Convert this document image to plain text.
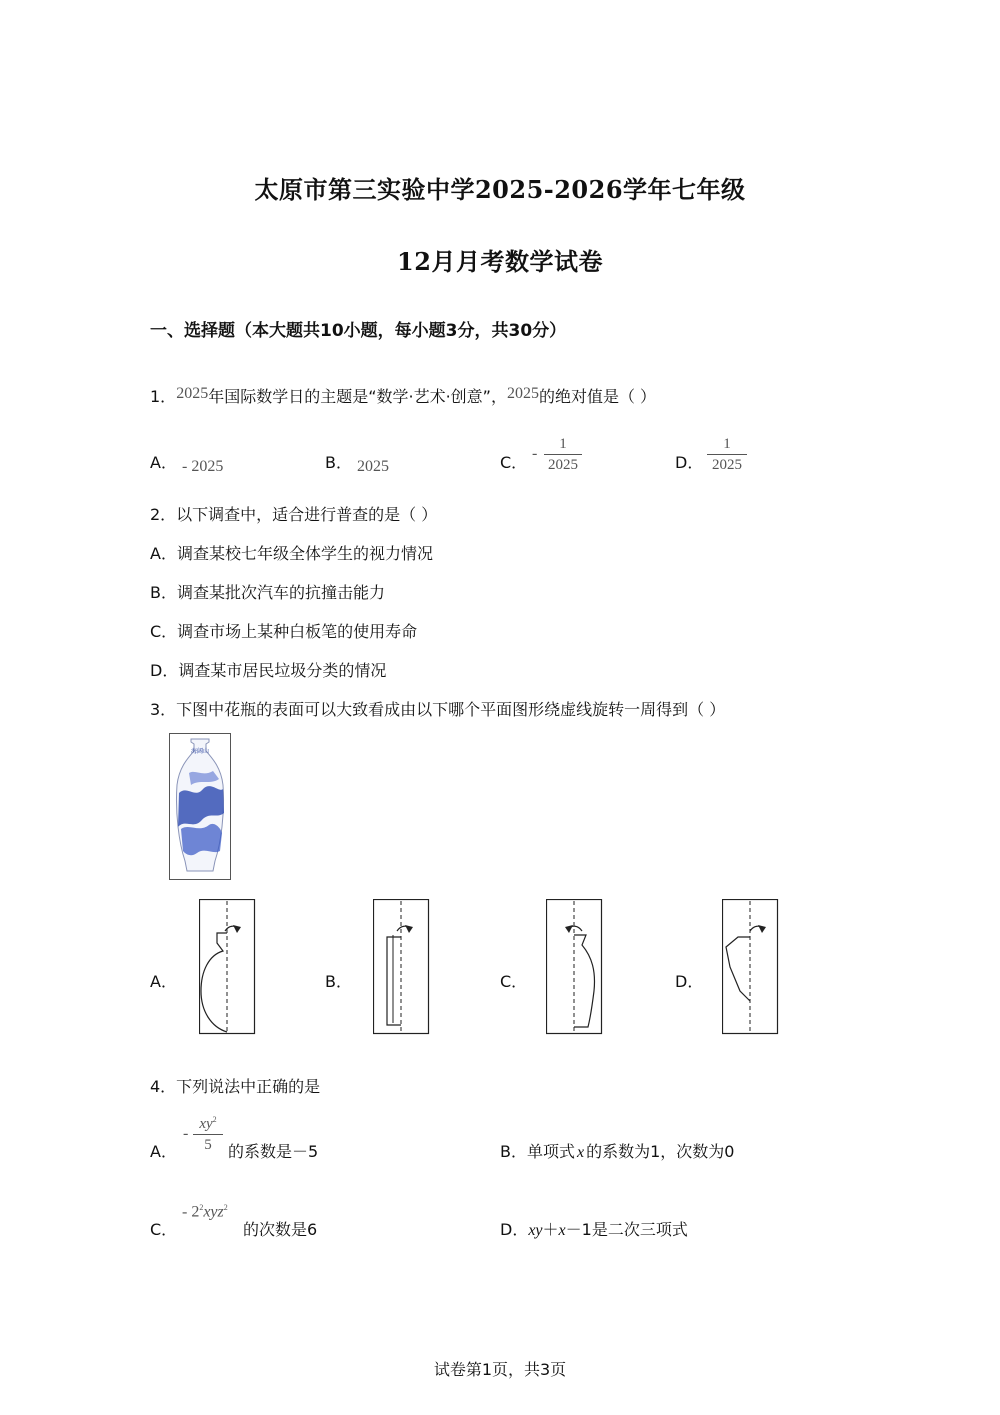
太原市第三实验中学2025-2026学年七年级
12月月考数学试卷
一、选择题（本大题共10小题，每小题3分，共30分）
1．2025年国际数学日的主题是“数学·艺术·创意”，2025的绝对值是（ ）
A． - 2025	B． 2025	C． -
1
2025	D．
1
2025
2．以下调查中，适合进行普查的是（ ）
A．调查某校七年级全体学生的视力情况
B．调查某批次汽车的抗撞击能力
C．调查市场上某种白板笔的使用寿命
D．调查某市居民垃圾分类的情况
3．下图中花瓶的表面可以大致看成由以下哪个平面图形绕虚线旋转一周得到（ ）
海阔山
A．	B．	C．	D．
4．下列说法中正确的是
A．
-
$xy^2$
5	的系数是－5	B．单项式 x 的系数为1，次数为0
C．
- $2^2xyz^2$
的次数是6	D．xy＋x－1是二次三项式
试卷第1页，共3页
